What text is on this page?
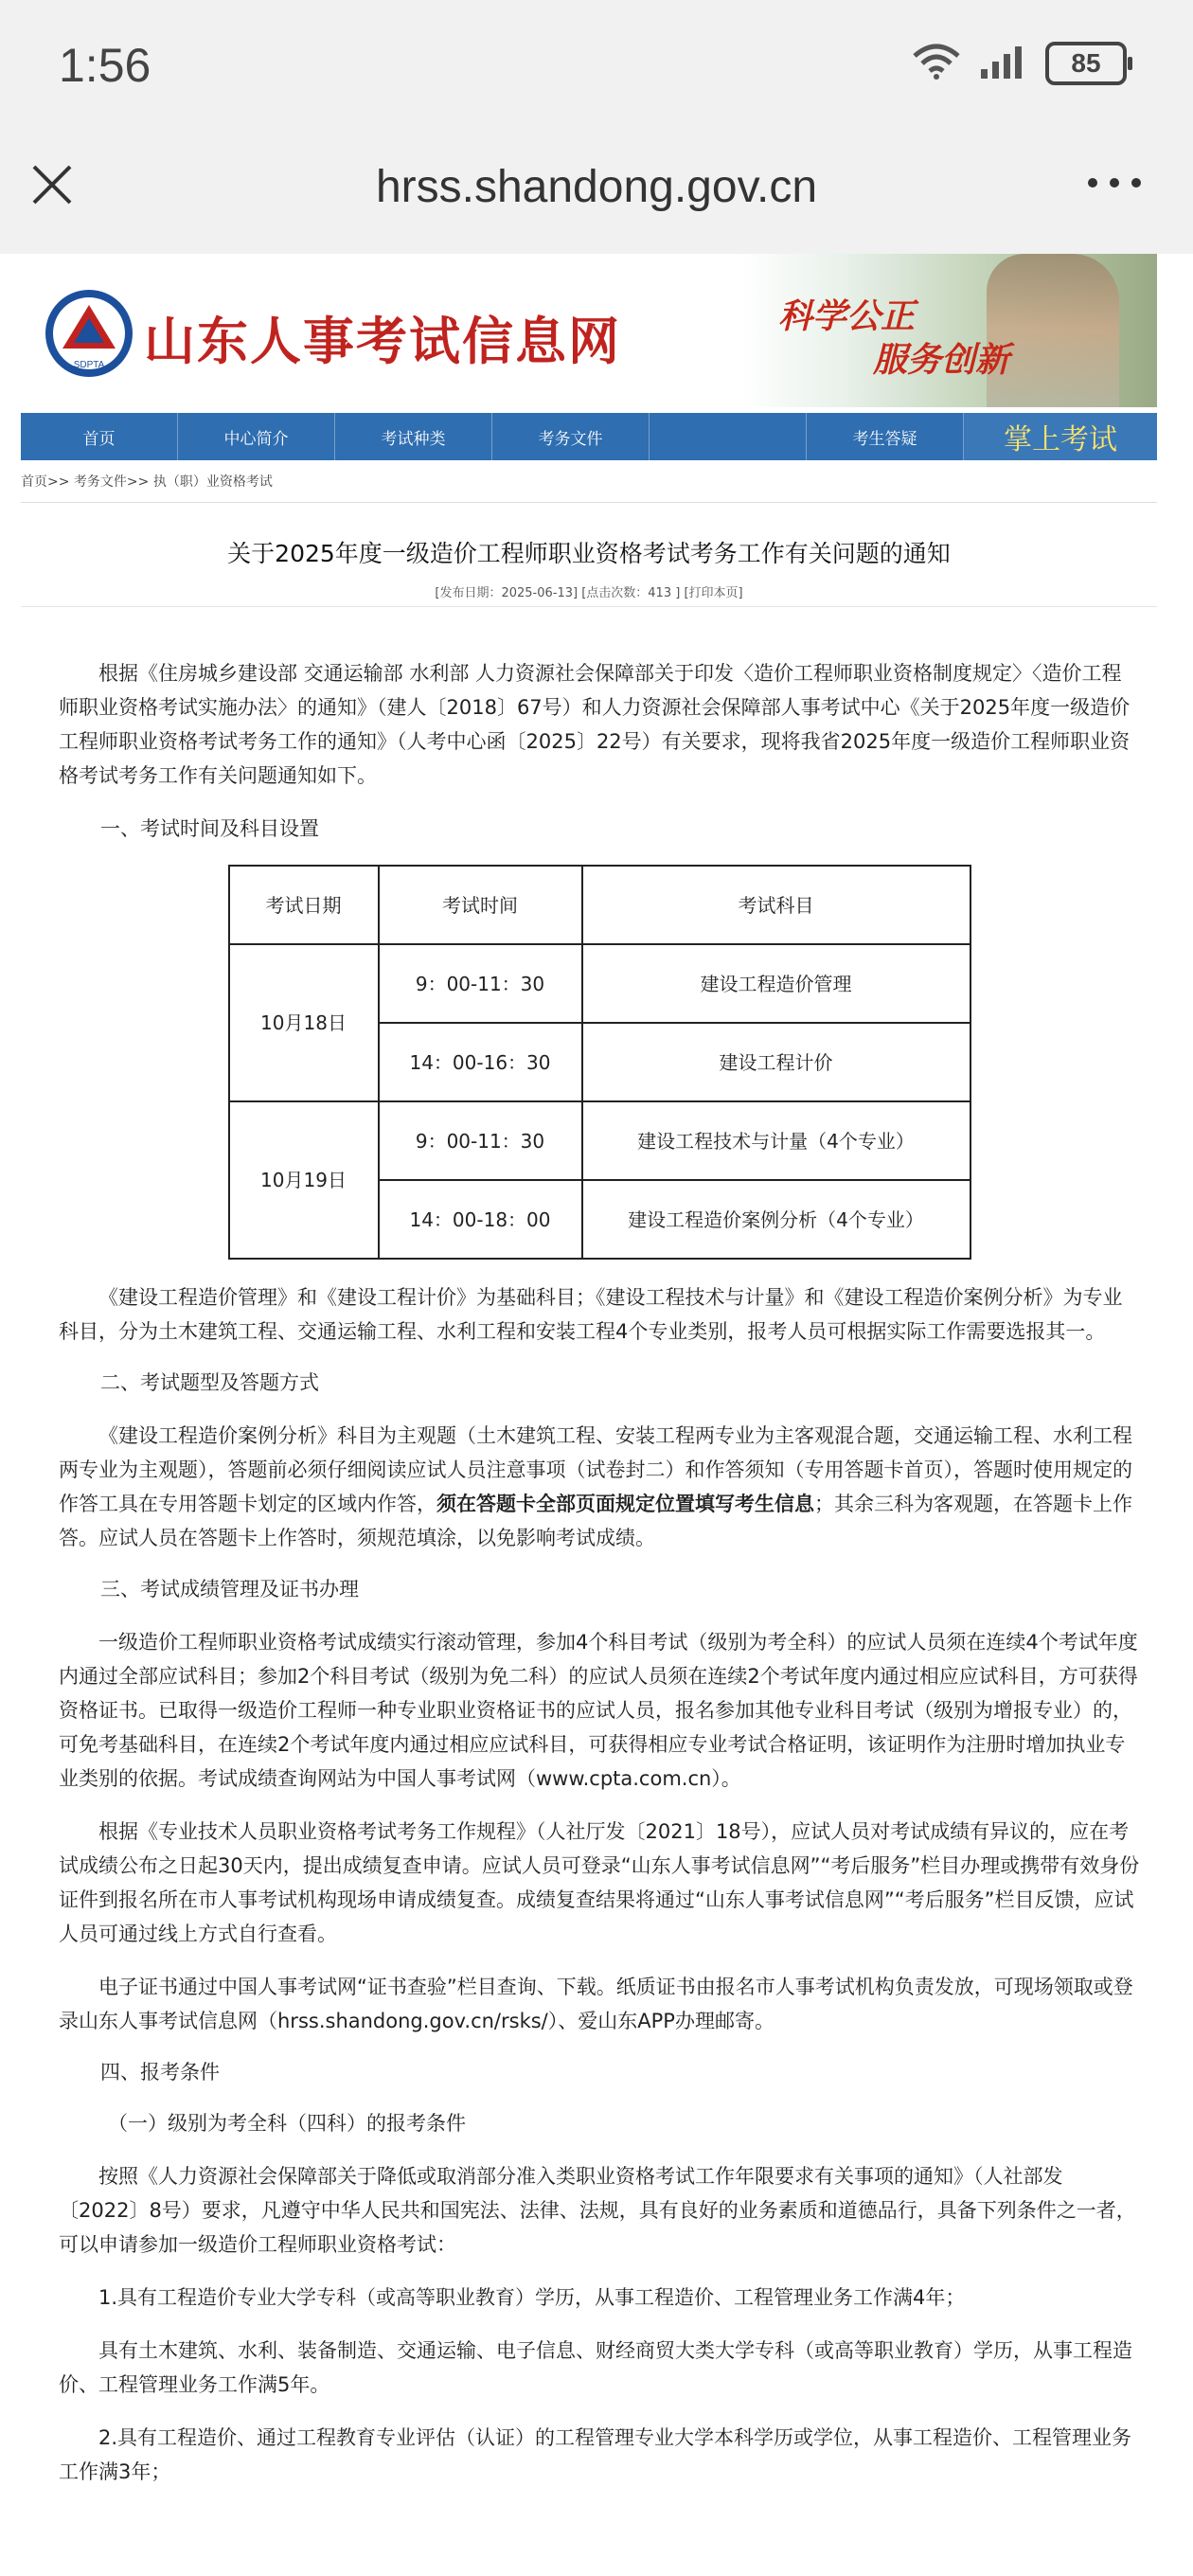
1:56	85
hrss.shandong.gov.cn
SDPTA 山东人事考试信息网	科学公正
服务创新
首页	中心简介	考试种类	考务文件	考生答疑	掌上考试
首页>> 考务文件>> 执（职）业资格考试
关于2025年度一级造价工程师职业资格考试考务工作有关问题的通知
[发布日期：2025-06-13] [点击次数：413 ] [打印本页]

根据《住房城乡建设部 交通运输部 水利部 人力资源社会保障部关于印发〈造价工程师职业资格制度规定〉〈造价工程师职业资格考试实施办法〉的通知》（建人〔2018〕67号）和人力资源社会保障部人事考试中心《关于2025年度一级造价工程师职业资格考试考务工作的通知》（人考中心函〔2025〕22号）有关要求，现将我省2025年度一级造价工程师职业资格考试考务工作有关问题通知如下。

一、考试时间及科目设置

考试日期	考试时间	考试科目
10月18日	9：00-11：30	建设工程造价管理
	14：00-16：30	建设工程计价
10月19日	9：00-11：30	建设工程技术与计量（4个专业）
	14：00-18：00	建设工程造价案例分析（4个专业）

《建设工程造价管理》和《建设工程计价》为基础科目；《建设工程技术与计量》和《建设工程造价案例分析》为专业科目，分为土木建筑工程、交通运输工程、水利工程和安装工程4个专业类别，报考人员可根据实际工作需要选报其一。

二、考试题型及答题方式

《建设工程造价案例分析》科目为主观题（土木建筑工程、安装工程两专业为主客观混合题，交通运输工程、水利工程两专业为主观题），答题前必须仔细阅读应试人员注意事项（试卷封二）和作答须知（专用答题卡首页），答题时使用规定的作答工具在专用答题卡划定的区域内作答，须在答题卡全部页面规定位置填写考生信息；其余三科为客观题，在答题卡上作答。应试人员在答题卡上作答时，须规范填涂，以免影响考试成绩。

三、考试成绩管理及证书办理

一级造价工程师职业资格考试成绩实行滚动管理，参加4个科目考试（级别为考全科）的应试人员须在连续4个考试年度内通过全部应试科目；参加2个科目考试（级别为免二科）的应试人员须在连续2个考试年度内通过相应应试科目，方可获得资格证书。已取得一级造价工程师一种专业职业资格证书的应试人员，报名参加其他专业科目考试（级别为增报专业）的，可免考基础科目，在连续2个考试年度内通过相应应试科目，可获得相应专业考试合格证明，该证明作为注册时增加执业专业类别的依据。考试成绩查询网站为中国人事考试网（www.cpta.com.cn）。

根据《专业技术人员职业资格考试考务工作规程》（人社厅发〔2021〕18号），应试人员对考试成绩有异议的，应在考试成绩公布之日起30天内，提出成绩复查申请。应试人员可登录“山东人事考试信息网”“考后服务”栏目办理或携带有效身份证件到报名所在市人事考试机构现场申请成绩复查。成绩复查结果将通过“山东人事考试信息网”“考后服务”栏目反馈，应试人员可通过线上方式自行查看。

电子证书通过中国人事考试网“证书查验”栏目查询、下载。纸质证书由报名市人事考试机构负责发放，可现场领取或登录山东人事考试信息网（hrss.shandong.gov.cn/rsks/）、爱山东APP办理邮寄。

四、报考条件

（一）级别为考全科（四科）的报考条件

按照《人力资源社会保障部关于降低或取消部分准入类职业资格考试工作年限要求有关事项的通知》（人社部发〔2022〕8号）要求，凡遵守中华人民共和国宪法、法律、法规，具有良好的业务素质和道德品行，具备下列条件之一者，可以申请参加一级造价工程师职业资格考试：

1.具有工程造价专业大学专科（或高等职业教育）学历，从事工程造价、工程管理业务工作满4年；

具有土木建筑、水利、装备制造、交通运输、电子信息、财经商贸大类大学专科（或高等职业教育）学历，从事工程造价、工程管理业务工作满5年。

2.具有工程造价、通过工程教育专业评估（认证）的工程管理专业大学本科学历或学位，从事工程造价、工程管理业务工作满3年；
